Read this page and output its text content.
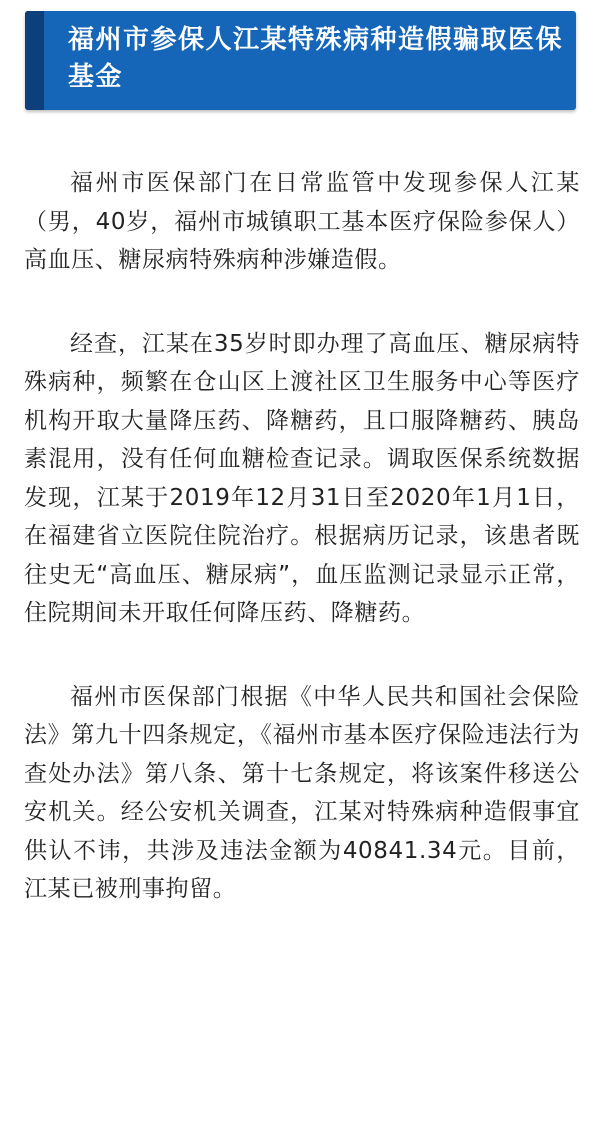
福州市参保人江某特殊病种造假骗取医保基金

福州市医保部门在日常监管中发现参保人江某（男，40岁，福州市城镇职工基本医疗保险参保人）高血压、糖尿病特殊病种涉嫌造假。

经查，江某在35岁时即办理了高血压、糖尿病特殊病种，频繁在仓山区上渡社区卫生服务中心等医疗机构开取大量降压药、降糖药，且口服降糖药、胰岛素混用，没有任何血糖检查记录。调取医保系统数据发现，江某于2019年12月31日至2020年1月1日，在福建省立医院住院治疗。根据病历记录，该患者既往史无“高血压、糖尿病”，血压监测记录显示正常，住院期间未开取任何降压药、降糖药。

福州市医保部门根据《中华人民共和国社会保险法》第九十四条规定，《福州市基本医疗保险违法行为查处办法》第八条、第十七条规定，将该案件移送公安机关。经公安机关调查，江某对特殊病种造假事宜供认不讳，共涉及违法金额为40841.34元。目前，江某已被刑事拘留。
